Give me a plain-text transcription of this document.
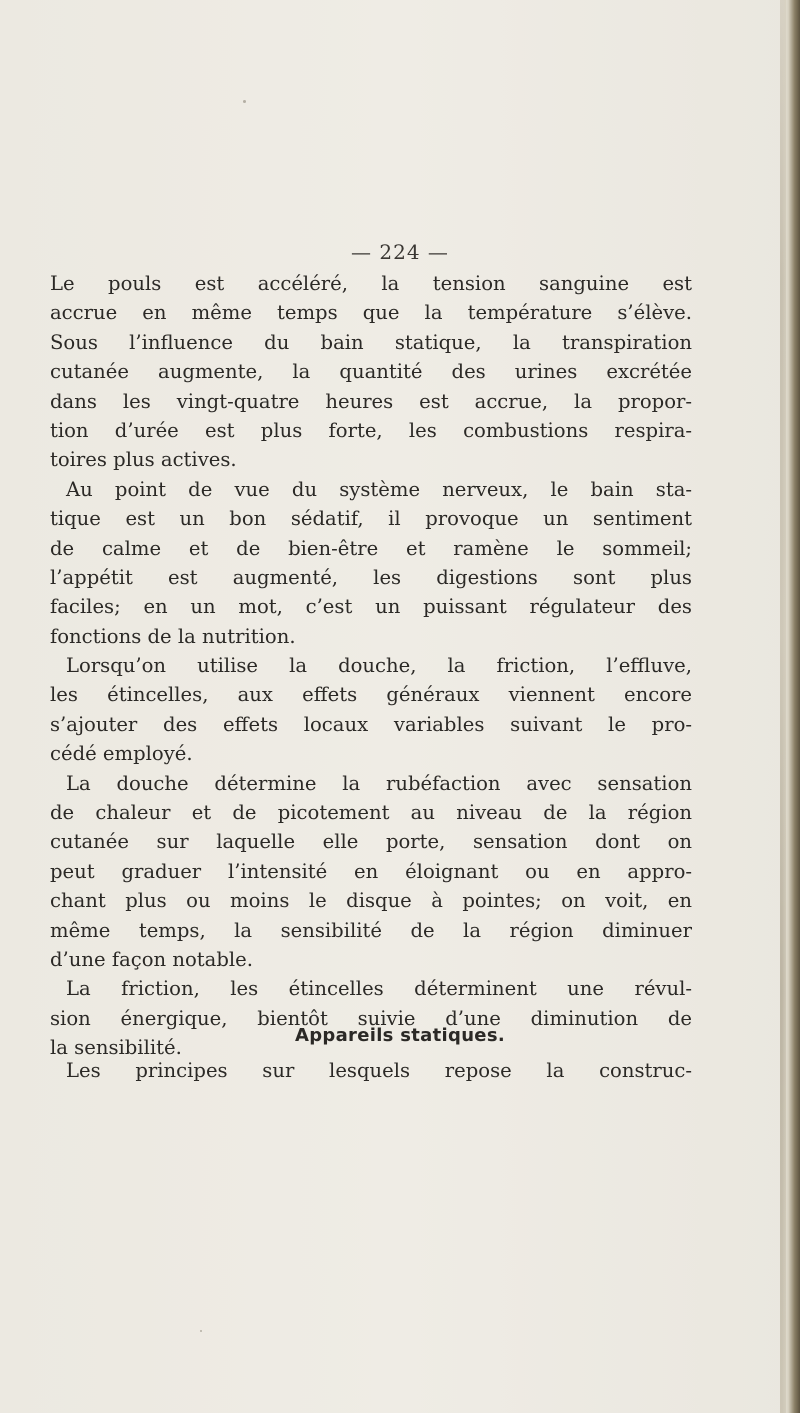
— 224 —

Le pouls est accéléré, la tension sanguine est
accrue en même temps que la température s’élève.
Sous l’influence du bain statique, la transpiration
cutanée augmente, la quantité des urines excrétée
dans les vingt-quatre heures est accrue, la propor-
tion d’urée est plus forte, les combustions respira-
toires plus actives.
Au point de vue du système nerveux, le bain sta-
tique est un bon sédatif, il provoque un sentiment
de calme et de bien-être et ramène le sommeil;
l’appétit est augmenté, les digestions sont plus
faciles; en un mot, c’est un puissant régulateur des
fonctions de la nutrition.
Lorsqu’on utilise la douche, la friction, l’effluve,
les étincelles, aux effets généraux viennent encore
s’ajouter des effets locaux variables suivant le pro-
cédé employé.
La douche détermine la rubéfaction avec sensation
de chaleur et de picotement au niveau de la région
cutanée sur laquelle elle porte, sensation dont on
peut graduer l’intensité en éloignant ou en appro-
chant plus ou moins le disque à pointes; on voit, en
même temps, la sensibilité de la région diminuer
d’une façon notable.
La friction, les étincelles déterminent une révul-
sion énergique, bientôt suivie d’une diminution de
la sensibilité.
Appareils statiques.
Les principes sur lesquels repose la construc-
